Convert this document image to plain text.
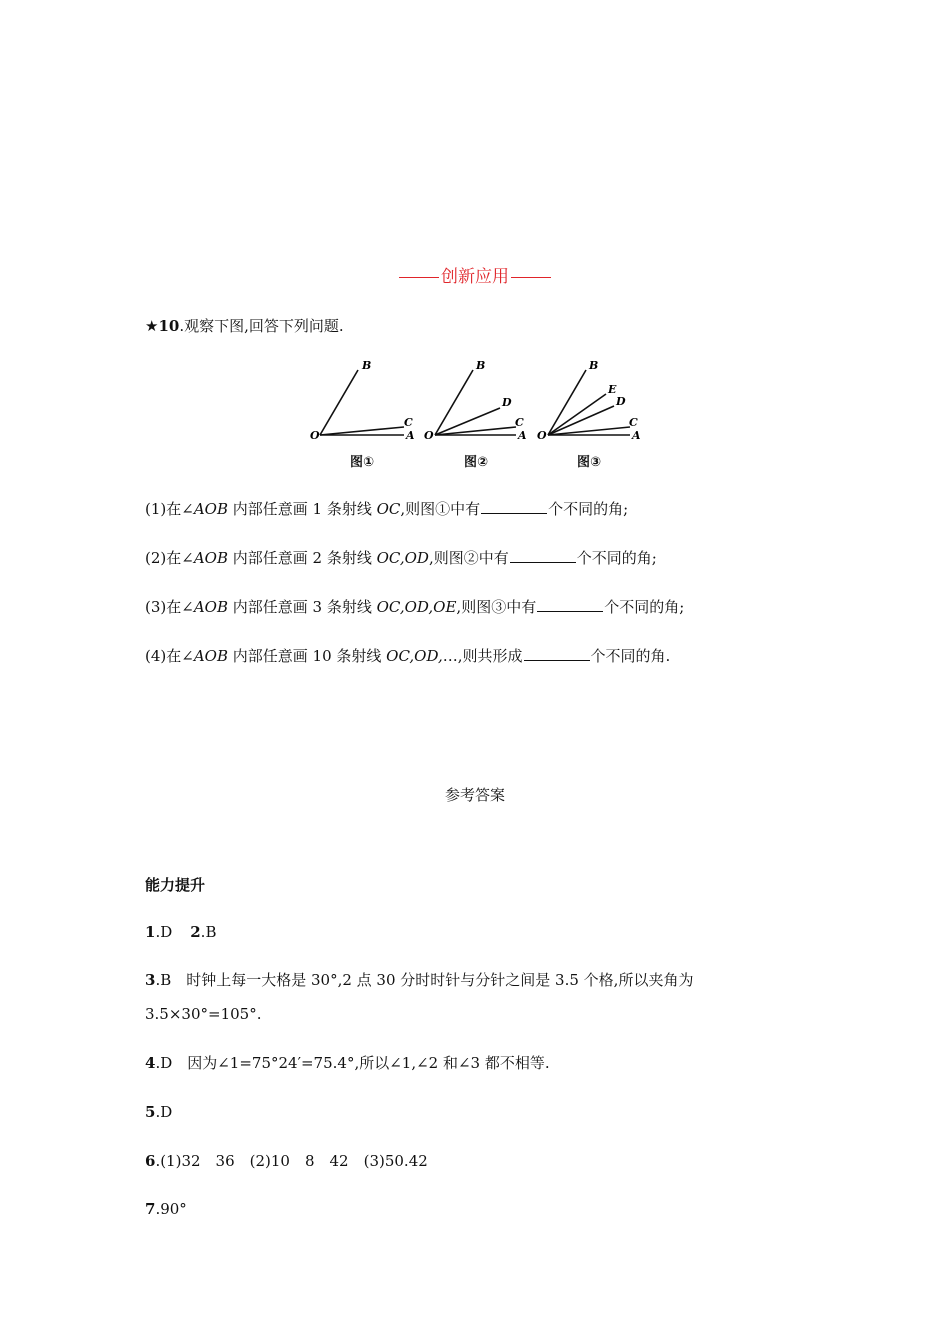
创新应用
★10.观察下图,回答下列问题.
O
B
C
A O
B
D
C
A O
B
E
D
C
A
图①	图②	图③
(1)在∠AOB 内部任意画 1 条射线 OC,则图①中有	个不同的角;
(2)在∠AOB 内部任意画 2 条射线 OC,OD,则图②中有	个不同的角;
(3)在∠AOB 内部任意画 3 条射线 OC,OD,OE,则图③中有	个不同的角;
(4)在∠AOB 内部任意画 10 条射线 OC,OD,…,则共形成	个不同的角.
参考答案
能力提升
1.D 2.B
3.B　时钟上每一大格是 30°,2 点 30 分时时针与分针之间是 3.5 个格,所以夹角为
3.5×30°=105°.
4.D　因为∠1=75°24′=75.4°,所以∠1,∠2 和∠3 都不相等.
5.D
6.(1)32　36　(2)10　8　42　(3)50.42
7.90°
